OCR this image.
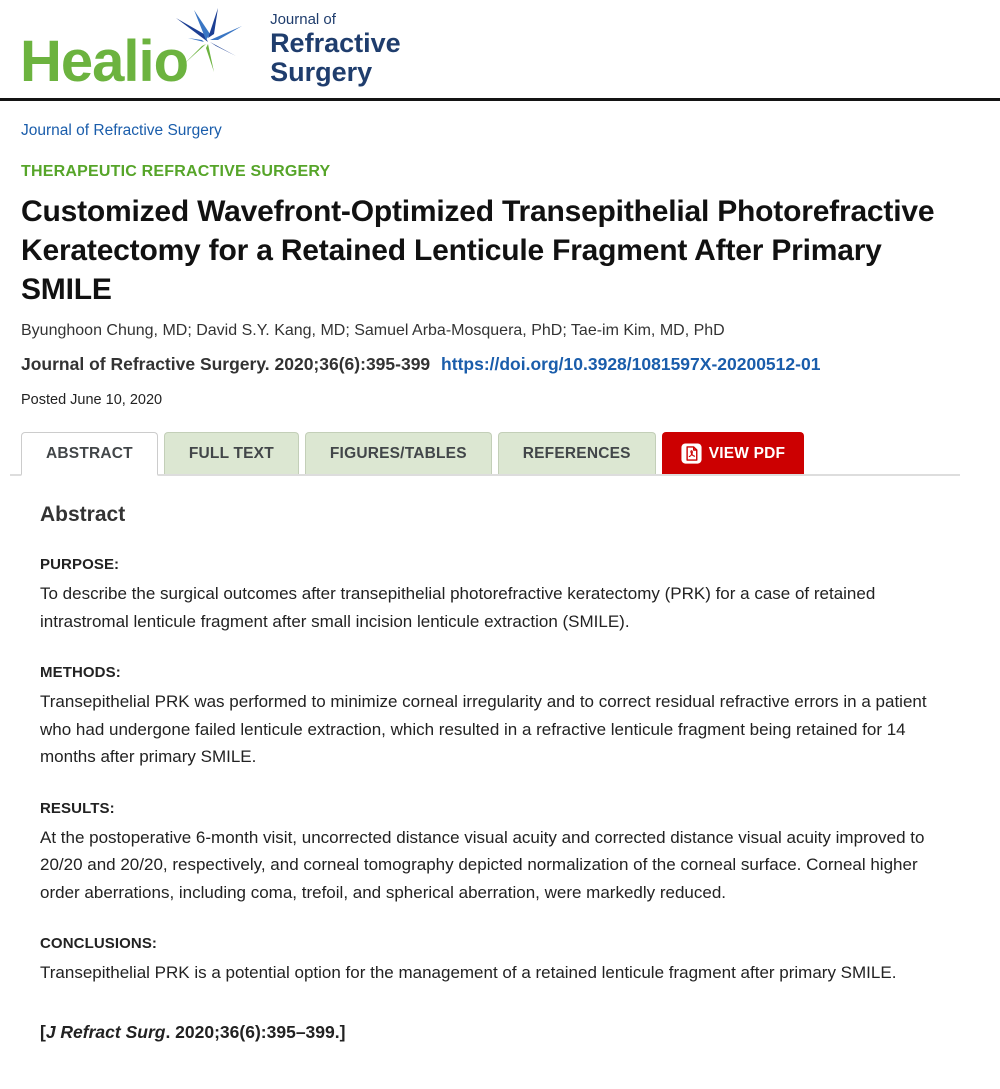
Healio
Journal of
Refractive
Surgery
Journal of Refractive Surgery
THERAPEUTIC REFRACTIVE SURGERY
Customized Wavefront-Optimized Transepithelial Photorefractive Keratectomy for a Retained Lenticule Fragment After Primary SMILE
Byunghoon Chung, MD; David S.Y. Kang, MD; Samuel Arba-Mosquera, PhD; Tae-im Kim, MD, PhD
Journal of Refractive Surgery. 2020;36(6):395-399 https://doi.org/10.3928/1081597X-20200512-01
Posted June 10, 2020
ABSTRACT	FULL TEXT	FIGURES/TABLES	REFERENCES	VIEW PDF
Abstract
PURPOSE:

To describe the surgical outcomes after transepithelial photorefractive keratectomy (PRK) for a case of retained intrastromal lenticule fragment after small incision lenticule extraction (SMILE).

METHODS:

Transepithelial PRK was performed to minimize corneal irregularity and to correct residual refractive errors in a patient who had undergone failed lenticule extraction, which resulted in a refractive lenticule fragment being retained for 14 months after primary SMILE.

RESULTS:

At the postoperative 6-month visit, uncorrected distance visual acuity and corrected distance visual acuity improved to 20/20 and 20/20, respectively, and corneal tomography depicted normalization of the corneal surface. Corneal higher order aberrations, including coma, trefoil, and spherical aberration, were markedly reduced.

CONCLUSIONS:

Transepithelial PRK is a potential option for the management of a retained lenticule fragment after primary SMILE.

[J Refract Surg. 2020;36(6):395–399.]
